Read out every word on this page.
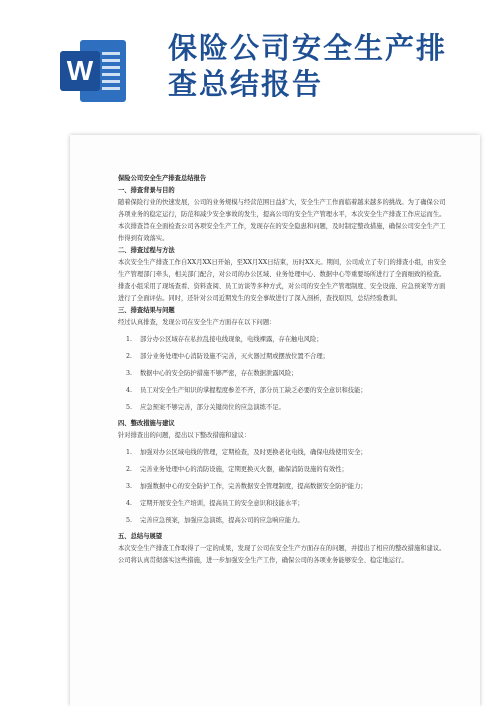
W
保险公司安全生产排查总结报告

保险公司安全生产排查总结报告

一、排查背景与目的

随着保险行业的快速发展，公司的业务规模与经营范围日益扩大，安全生产工作面临着越来越多的挑战。为了确保公司各项业务的稳定运行，防范和减少安全事故的发生，提高公司的安全生产管理水平，本次安全生产排查工作应运而生。

本次排查旨在全面检查公司各项安全生产工作，发现存在的安全隐患和问题，及时制定整改措施，确保公司安全生产工作得到有效落实。

二、排查过程与方法

本次安全生产排查工作自XX月XX日开始，至XX月XX日结束，历时XX天。期间，公司成立了专门的排查小组，由安全生产管理部门牵头，相关部门配合，对公司的办公区域、业务处理中心、数据中心等重要场所进行了全面细致的检查。

排查小组采用了现场查看、资料查阅、员工访谈等多种方式，对公司的安全生产管理制度、安全设施、应急预案等方面进行了全面评估。同时，还针对公司近期发生的安全事故进行了深入剖析，查找原因，总结经验教训。

三、排查结果与问题

经过认真排查，发现公司在安全生产方面存在以下问题：

1. 部分办公区域存在私拉乱接电线现象，电线裸露，存在触电风险；
2. 部分业务处理中心消防设施不完善，灭火器过期或摆放位置不合理；
3. 数据中心的安全防护措施不够严密，存在数据泄露风险；
4. 员工对安全生产知识的掌握程度参差不齐，部分员工缺乏必要的安全意识和技能；
5. 应急预案不够完善，部分关键岗位的应急演练不足。

四、整改措施与建议

针对排查出的问题，提出以下整改措施和建议：

1. 加强对办公区域电线的管理，定期检查，及时更换老化电线，确保电线使用安全；
2. 完善业务处理中心的消防设施，定期更换灭火器，确保消防设施的有效性；
3. 加强数据中心的安全防护工作，完善数据安全管理制度，提高数据安全防护能力；
4. 定期开展安全生产培训，提高员工的安全意识和技能水平；
5. 完善应急预案，加强应急演练，提高公司的应急响应能力。

五、总结与展望

本次安全生产排查工作取得了一定的成果，发现了公司在安全生产方面存在的问题，并提出了相应的整改措施和建议。公司将认真贯彻落实这些措施，进一步加强安全生产工作，确保公司的各项业务能够安全、稳定地运行。
